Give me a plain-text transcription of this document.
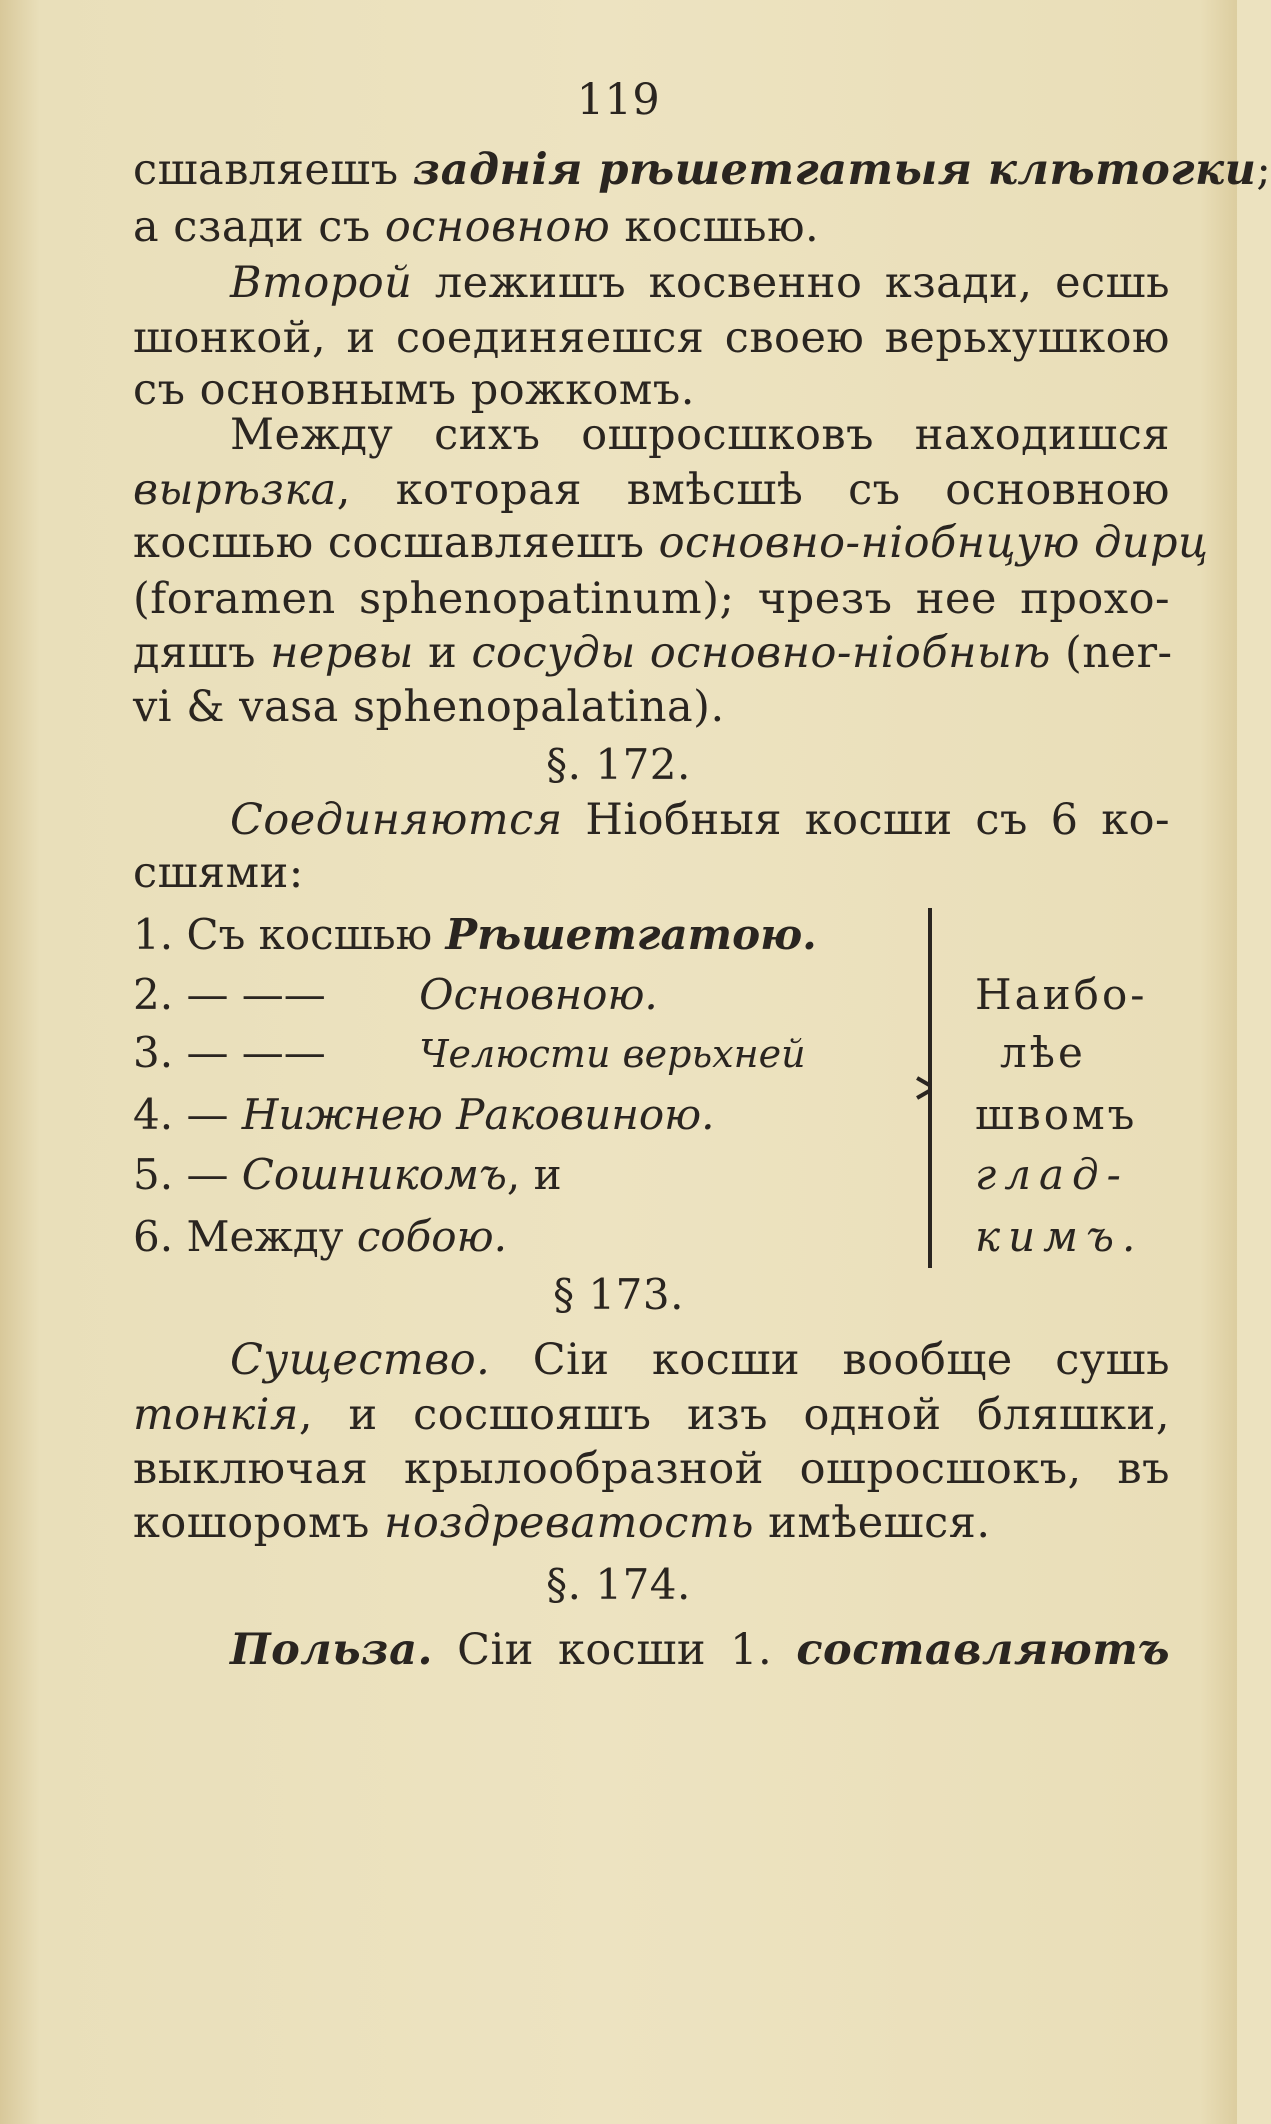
119
сшавляешъ заднія рѣшетгатыя клѣтогки;
а сзади съ основною косшью.
Второй лежишъ косвенно кзади, есшь
шонкой, и соединяешся своею верьхушкою
съ основнымъ рожкомъ.
Между сихъ ошросшковъ находишся
вырѣзка, которая вмѣсшѣ съ основною
косшью сосшавляешъ основно-ніобнцую дирц
(foramen sphenopatinum); чрезъ нее прохо-
дяшъ нервы и сосуды основно-ніобныѣ (ner-
vi & vasa sphenopalatina).
§. 172.
Соединяются Ніобныя косши съ 6 ко-
сшями:
1. Съ косшью Рѣшетгатою.
2. — —— Основною.
3. — —— Челюсти верьхней
4. — Нижнею Раковиною.
5. — Сошникомъ, и
6. Между собою.
Наибо-
лѣе
швомъ
глад-
кимъ.
§ 173.
Существо. Сіи косши вообще сушь
тонкія, и сосшояшъ изъ одной бляшки,
выключая крылообразной ошросшокъ, въ
кошоромъ ноздреватость имѣешся.
§. 174.
Польза. Сіи косши 1. составляютъ
